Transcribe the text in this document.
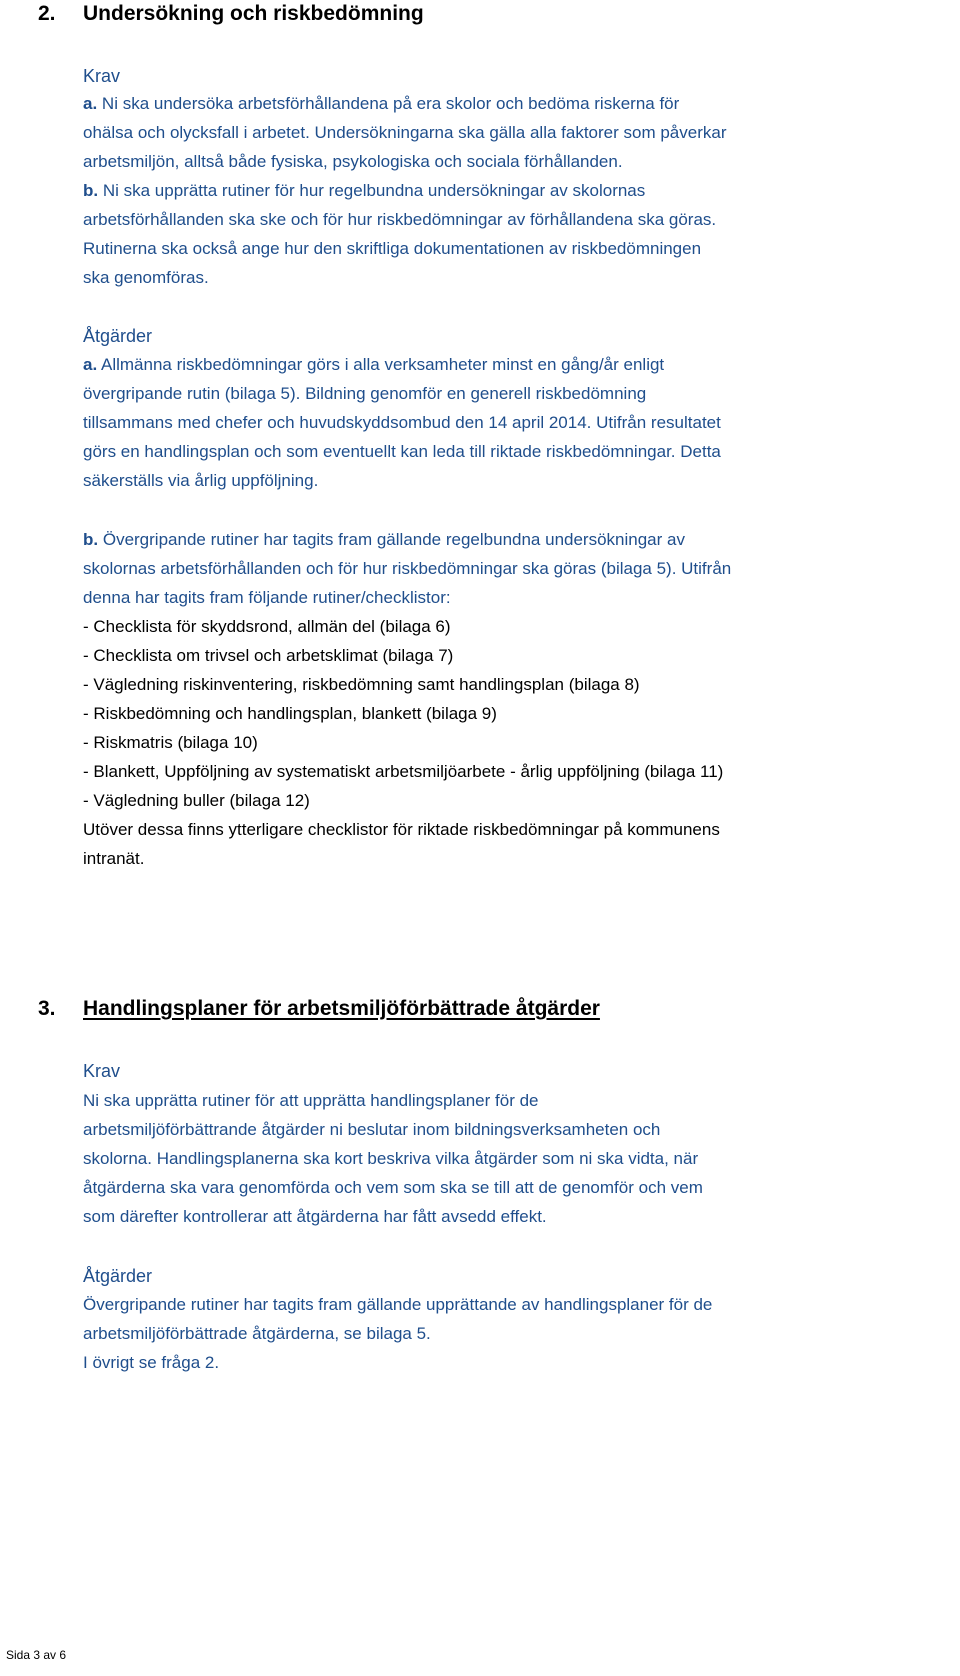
2.	Undersökning och riskbedömning
Krav
a. Ni ska undersöka arbetsförhållandena på era skolor och bedöma riskerna för
ohälsa och olycksfall i arbetet. Undersökningarna ska gälla alla faktorer som påverkar
arbetsmiljön, alltså både fysiska, psykologiska och sociala förhållanden.
b. Ni ska upprätta rutiner för hur regelbundna undersökningar av skolornas
arbetsförhållanden ska ske och för hur riskbedömningar av förhållandena ska göras.
Rutinerna ska också ange hur den skriftliga dokumentationen av riskbedömningen
ska genomföras.
Åtgärder
a. Allmänna riskbedömningar görs i alla verksamheter minst en gång/år enligt
övergripande rutin (bilaga 5). Bildning genomför en generell riskbedömning
tillsammans med chefer och huvudskyddsombud den 14 april 2014. Utifrån resultatet
görs en handlingsplan och som eventuellt kan leda till riktade riskbedömningar. Detta
säkerställs via årlig uppföljning.
b. Övergripande rutiner har tagits fram gällande regelbundna undersökningar av
skolornas arbetsförhållanden och för hur riskbedömningar ska göras (bilaga 5). Utifrån
denna har tagits fram följande rutiner/checklistor:
- Checklista för skyddsrond, allmän del (bilaga 6)
- Checklista om trivsel och arbetsklimat (bilaga 7)
- Vägledning riskinventering, riskbedömning samt handlingsplan (bilaga 8)
- Riskbedömning och handlingsplan, blankett (bilaga 9)
- Riskmatris (bilaga 10)
- Blankett, Uppföljning av systematiskt arbetsmiljöarbete - årlig uppföljning (bilaga 11)
- Vägledning buller (bilaga 12)
Utöver dessa finns ytterligare checklistor för riktade riskbedömningar på kommunens
intranät.
3.	Handlingsplaner för arbetsmiljöförbättrade åtgärder
Krav
Ni ska upprätta rutiner för att upprätta handlingsplaner för de
arbetsmiljöförbättrande åtgärder ni beslutar inom bildningsverksamheten och
skolorna. Handlingsplanerna ska kort beskriva vilka åtgärder som ni ska vidta, när
åtgärderna ska vara genomförda och vem som ska se till att de genomför och vem
som därefter kontrollerar att åtgärderna har fått avsedd effekt.
Åtgärder
Övergripande rutiner har tagits fram gällande upprättande av handlingsplaner för de
arbetsmiljöförbättrade åtgärderna, se bilaga 5.
I övrigt se fråga 2.
Sida 3 av 6
